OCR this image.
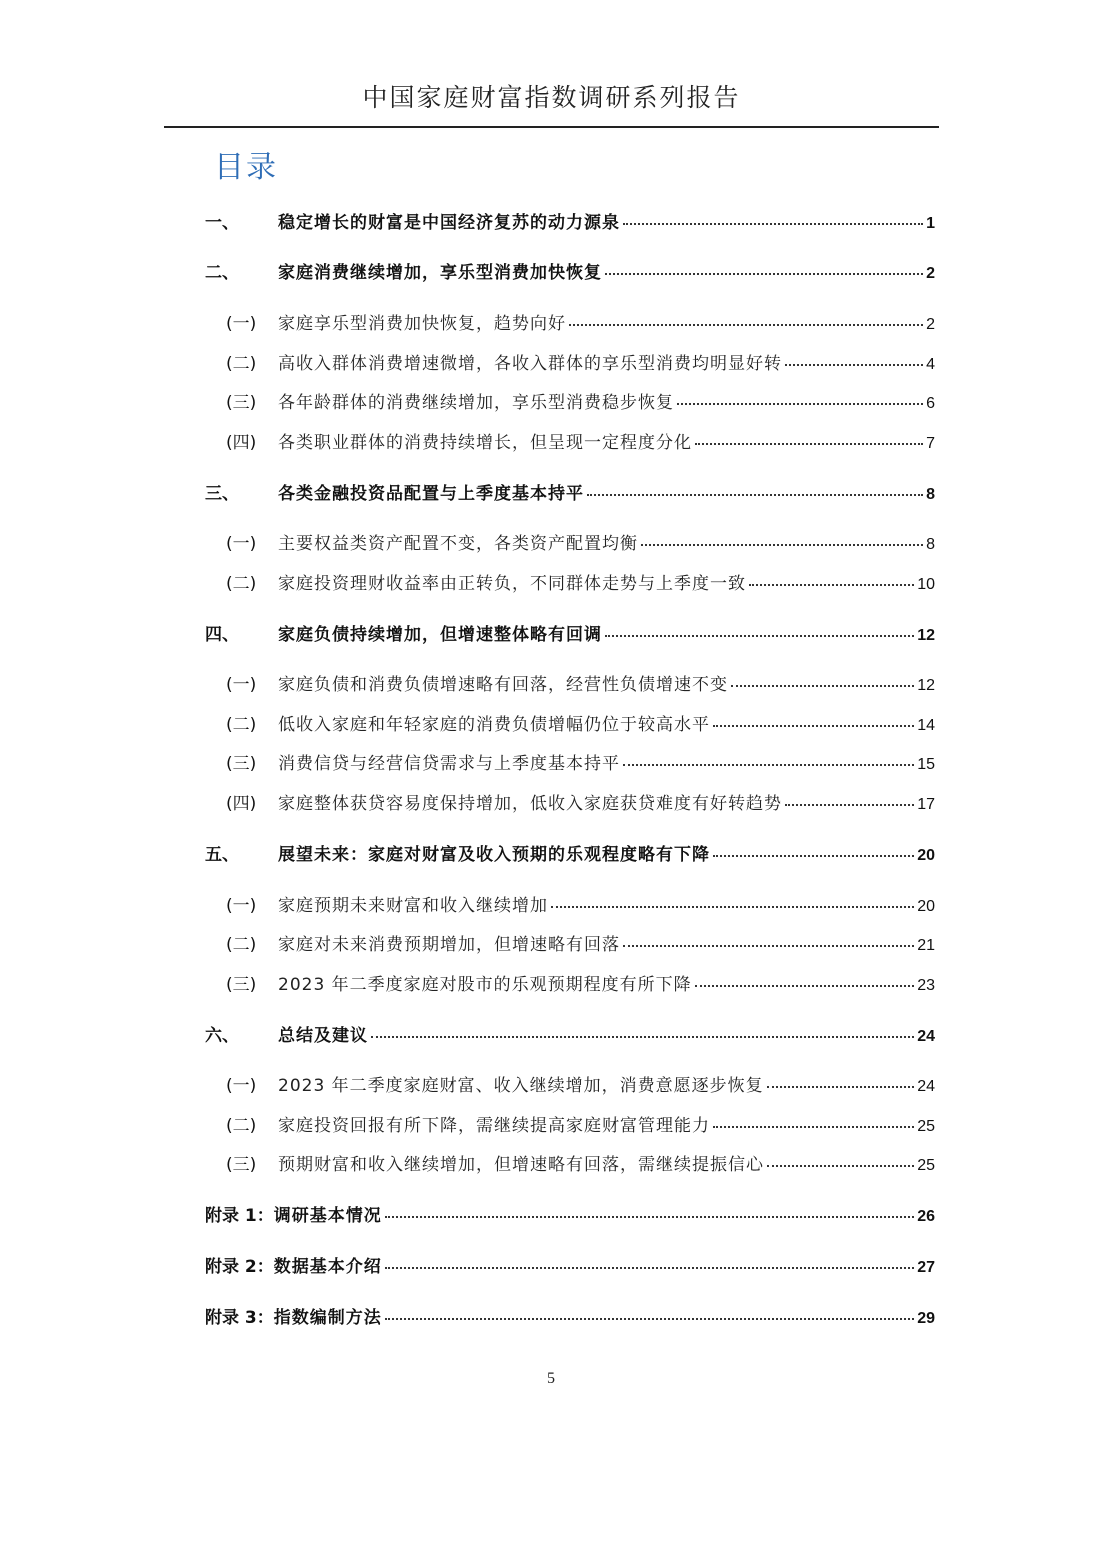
中国家庭财富指数调研系列报告
目录
一、	稳定增长的财富是中国经济复苏的动力源泉	1
二、	家庭消费继续增加，享乐型消费加快恢复	2
(一)	家庭享乐型消费加快恢复，趋势向好	2
(二)	高收入群体消费增速微增，各收入群体的享乐型消费均明显好转	4
(三)	各年龄群体的消费继续增加，享乐型消费稳步恢复	6
(四)	各类职业群体的消费持续增长，但呈现一定程度分化	7
三、	各类金融投资品配置与上季度基本持平	8
(一)	主要权益类资产配置不变，各类资产配置均衡	8
(二)	家庭投资理财收益率由正转负，不同群体走势与上季度一致	10
四、	家庭负债持续增加，但增速整体略有回调	12
(一)	家庭负债和消费负债增速略有回落，经营性负债增速不变	12
(二)	低收入家庭和年轻家庭的消费负债增幅仍位于较高水平	14
(三)	消费信贷与经营信贷需求与上季度基本持平	15
(四)	家庭整体获贷容易度保持增加，低收入家庭获贷难度有好转趋势	17
五、	展望未来：家庭对财富及收入预期的乐观程度略有下降	20
(一)	家庭预期未来财富和收入继续增加	20
(二)	家庭对未来消费预期增加，但增速略有回落	21
(三)	2023 年二季度家庭对股市的乐观预期程度有所下降	23
六、	总结及建议	24
(一)	2023 年二季度家庭财富、收入继续增加，消费意愿逐步恢复	24
(二)	家庭投资回报有所下降，需继续提高家庭财富管理能力	25
(三)	预期财富和收入继续增加，但增速略有回落，需继续提振信心	25
附录 1： 调研基本情况	26
附录 2： 数据基本介绍	27
附录 3： 指数编制方法	29
5
